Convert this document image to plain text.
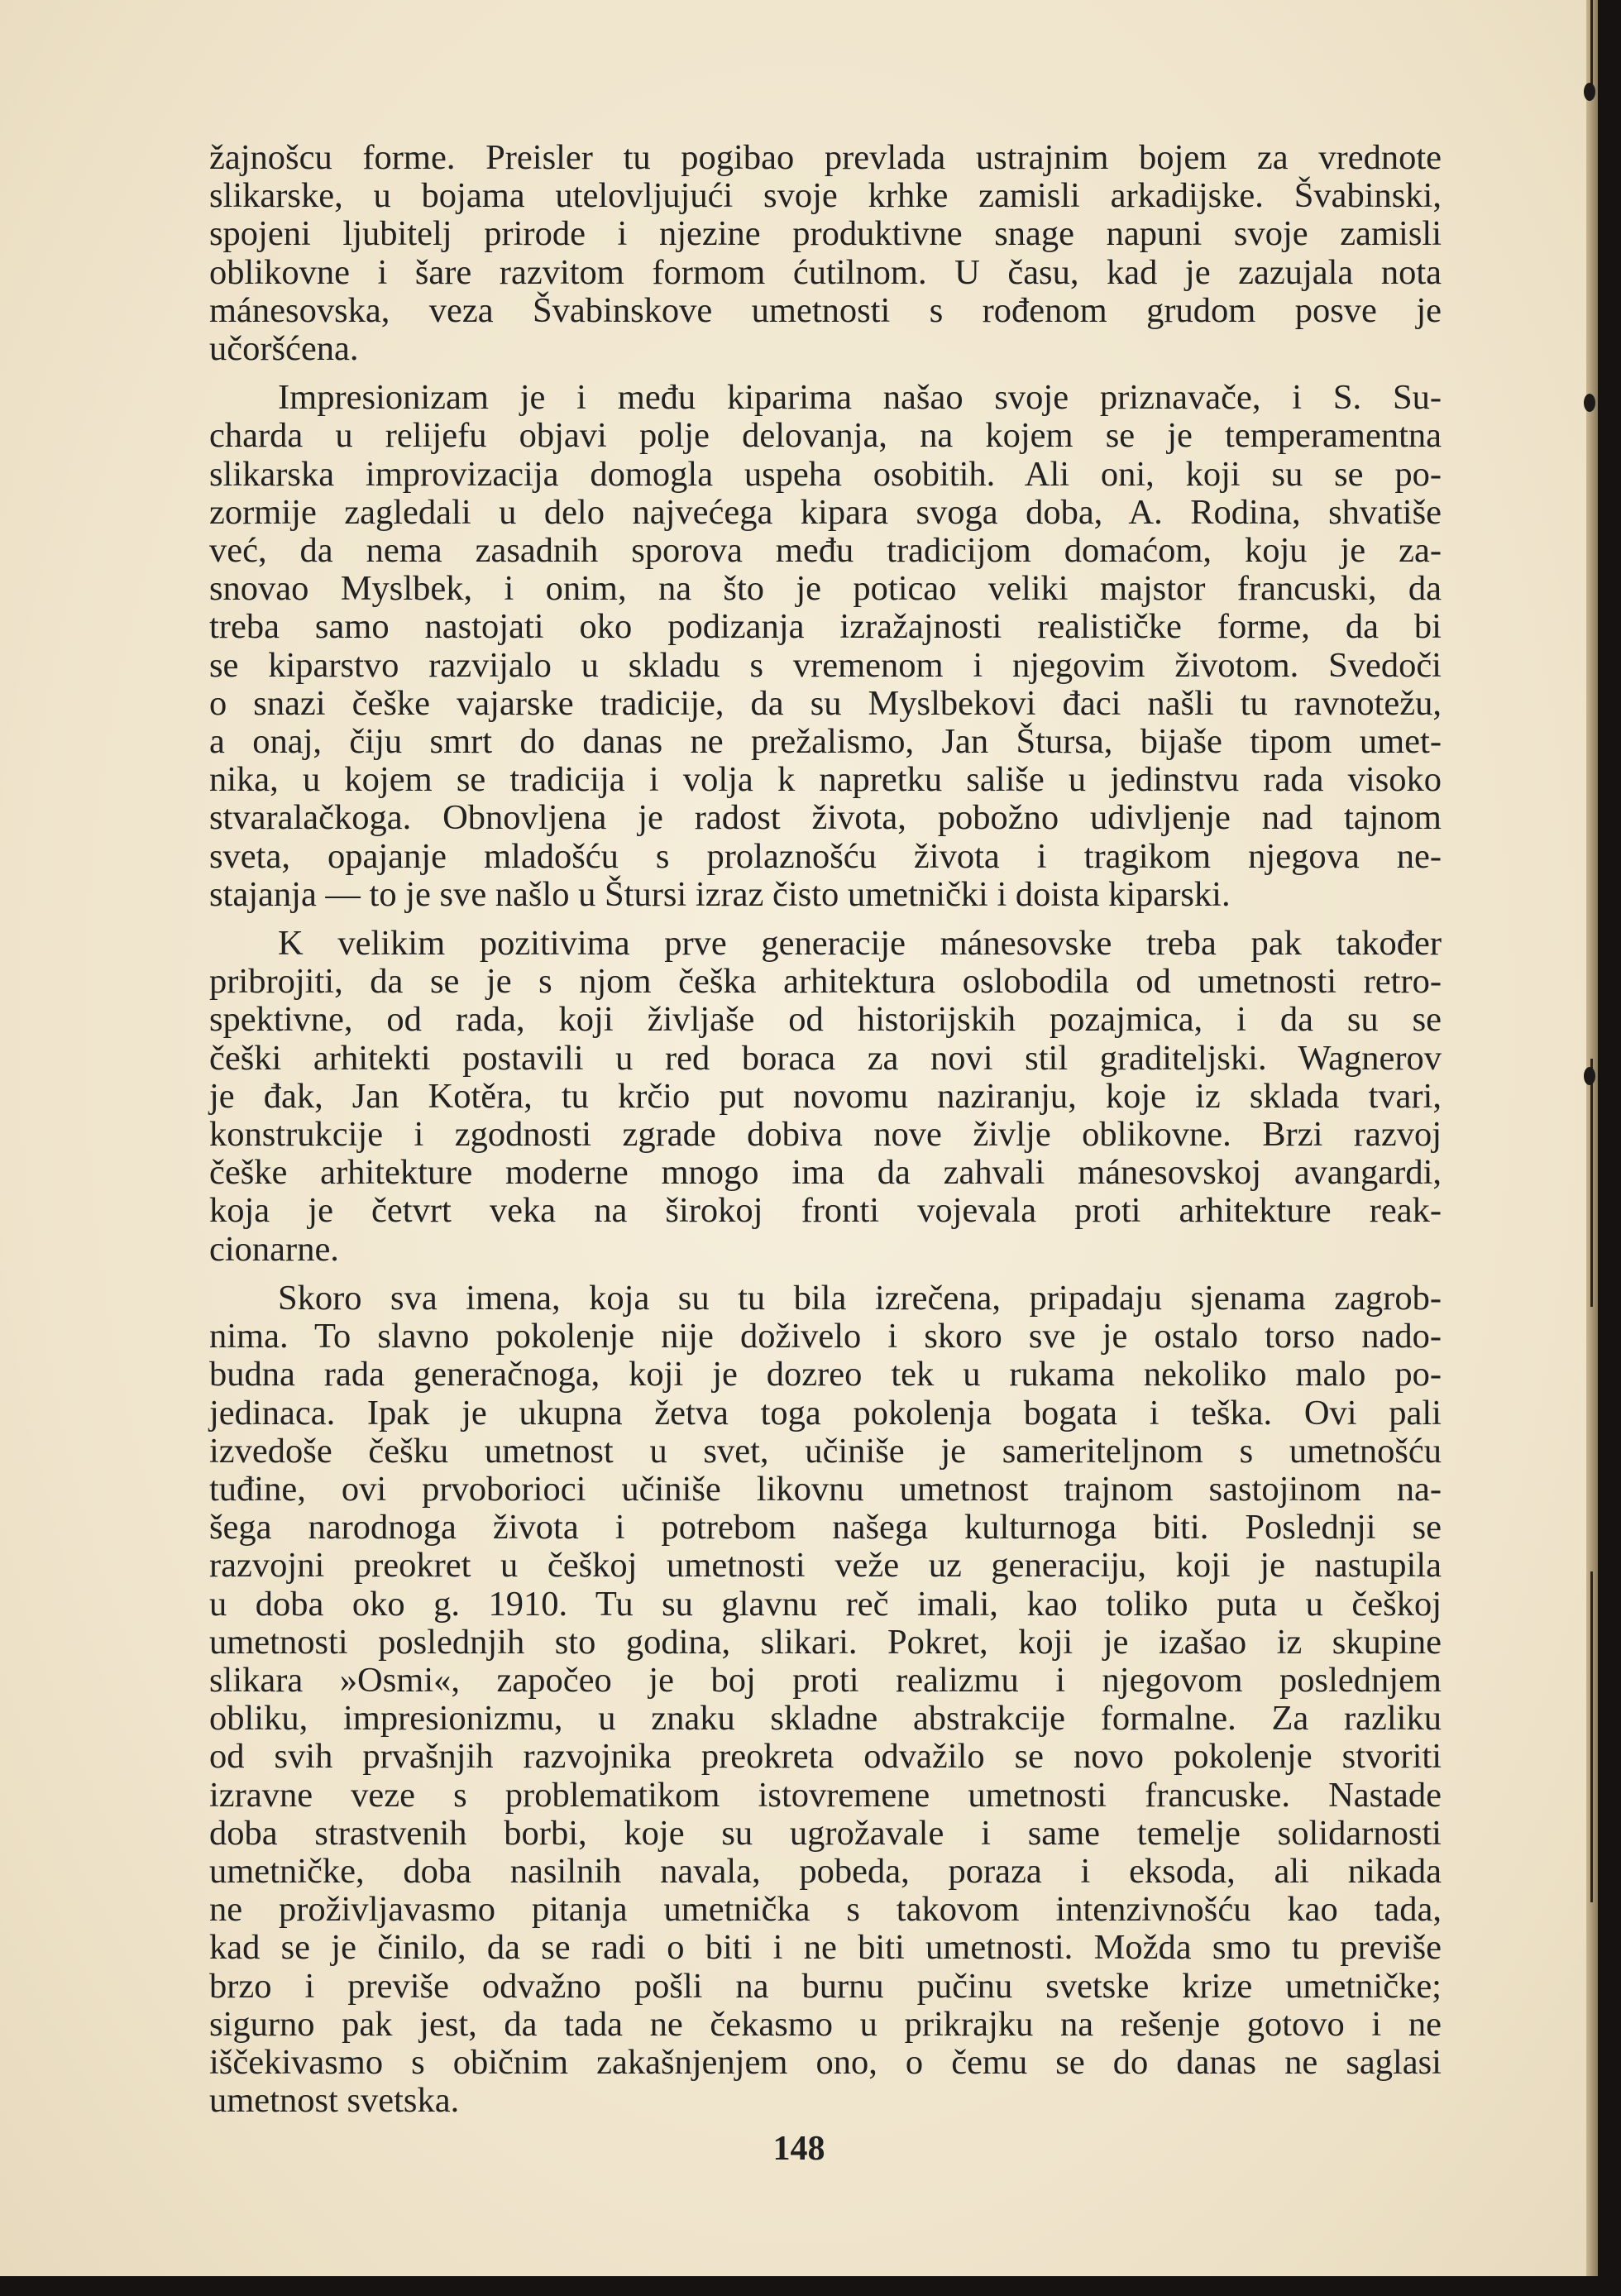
žajnošcu forme. Preisler tu pogibao prevlada ustrajnim bojem za vrednote
slikarske, u bojama utelovljujući svoje krhke zamisli arkadijske. Švabinski,
spojeni ljubitelj prirode i njezine produktivne snage napuni svoje zamisli
oblikovne i šare razvitom formom ćutilnom. U času, kad je zazujala nota
mánesovska, veza Švabinskove umetnosti s rođenom grudom posve je
učoršćena.
Impresionizam je i među kiparima našao svoje priznavače, i S. Su-
charda u relijefu objavi polje delovanja, na kojem se je temperamentna
slikarska improvizacija domogla uspeha osobitih. Ali oni, koji su se po-
zormije zagledali u delo najvećega kipara svoga doba, A. Rodina, shvatiše
već, da nema zasadnih sporova među tradicijom domaćom, koju je za-
snovao Myslbek, i onim, na što je poticao veliki majstor francuski, da
treba samo nastojati oko podizanja izražajnosti realističke forme, da bi
se kiparstvo razvijalo u skladu s vremenom i njegovim životom. Svedoči
o snazi češke vajarske tradicije, da su Myslbekovi đaci našli tu ravnotežu,
a onaj, čiju smrt do danas ne prežalismo, Jan Štursa, bijaše tipom umet-
nika, u kojem se tradicija i volja k napretku sališe u jedinstvu rada visoko
stvaralačkoga. Obnovljena je radost života, pobožno udivljenje nad tajnom
sveta, opajanje mladošću s prolaznošću života i tragikom njegova ne-
stajanja — to je sve našlo u Štursi izraz čisto umetnički i doista kiparski.
K velikim pozitivima prve generacije mánesovske treba pak također
pribrojiti, da se je s njom češka arhitektura oslobodila od umetnosti retro-
spektivne, od rada, koji življaše od historijskih pozajmica, i da su se
češki arhitekti postavili u red boraca za novi stil graditeljski. Wagnerov
je đak, Jan Kotěra, tu krčio put novomu naziranju, koje iz sklada tvari,
konstrukcije i zgodnosti zgrade dobiva nove življe oblikovne. Brzi razvoj
češke arhitekture moderne mnogo ima da zahvali mánesovskoj avangardi,
koja je četvrt veka na širokoj fronti vojevala proti arhitekture reak-
cionarne.
Skoro sva imena, koja su tu bila izrečena, pripadaju sjenama zagrob-
nima. To slavno pokolenje nije doživelo i skoro sve je ostalo torso nado-
budna rada generačnoga, koji je dozreo tek u rukama nekoliko malo po-
jedinaca. Ipak je ukupna žetva toga pokolenja bogata i teška. Ovi pali
izvedoše češku umetnost u svet, učiniše je sameriteljnom s umetnošću
tuđine, ovi prvoborioci učiniše likovnu umetnost trajnom sastojinom na-
šega narodnoga života i potrebom našega kulturnoga biti. Poslednji se
razvojni preokret u češkoj umetnosti veže uz generaciju, koji je nastupila
u doba oko g. 1910. Tu su glavnu reč imali, kao toliko puta u češkoj
umetnosti poslednjih sto godina, slikari. Pokret, koji je izašao iz skupine
slikara »Osmi«, započeo je boj proti realizmu i njegovom poslednjem
obliku, impresionizmu, u znaku skladne abstrakcije formalne. Za razliku
od svih prvašnjih razvojnika preokreta odvažilo se novo pokolenje stvoriti
izravne veze s problematikom istovremene umetnosti francuske. Nastade
doba strastvenih borbi, koje su ugrožavale i same temelje solidarnosti
umetničke, doba nasilnih navala, pobeda, poraza i eksoda, ali nikada
ne proživljavasmo pitanja umetnička s takovom intenzivnošću kao tada,
kad se je činilo, da se radi o biti i ne biti umetnosti. Možda smo tu previše
brzo i previše odvažno pošli na burnu pučinu svetske krize umetničke;
sigurno pak jest, da tada ne čekasmo u prikrajku na rešenje gotovo i ne
iščekivasmo s običnim zakašnjenjem ono, o čemu se do danas ne saglasi
umetnost svetska.
148
